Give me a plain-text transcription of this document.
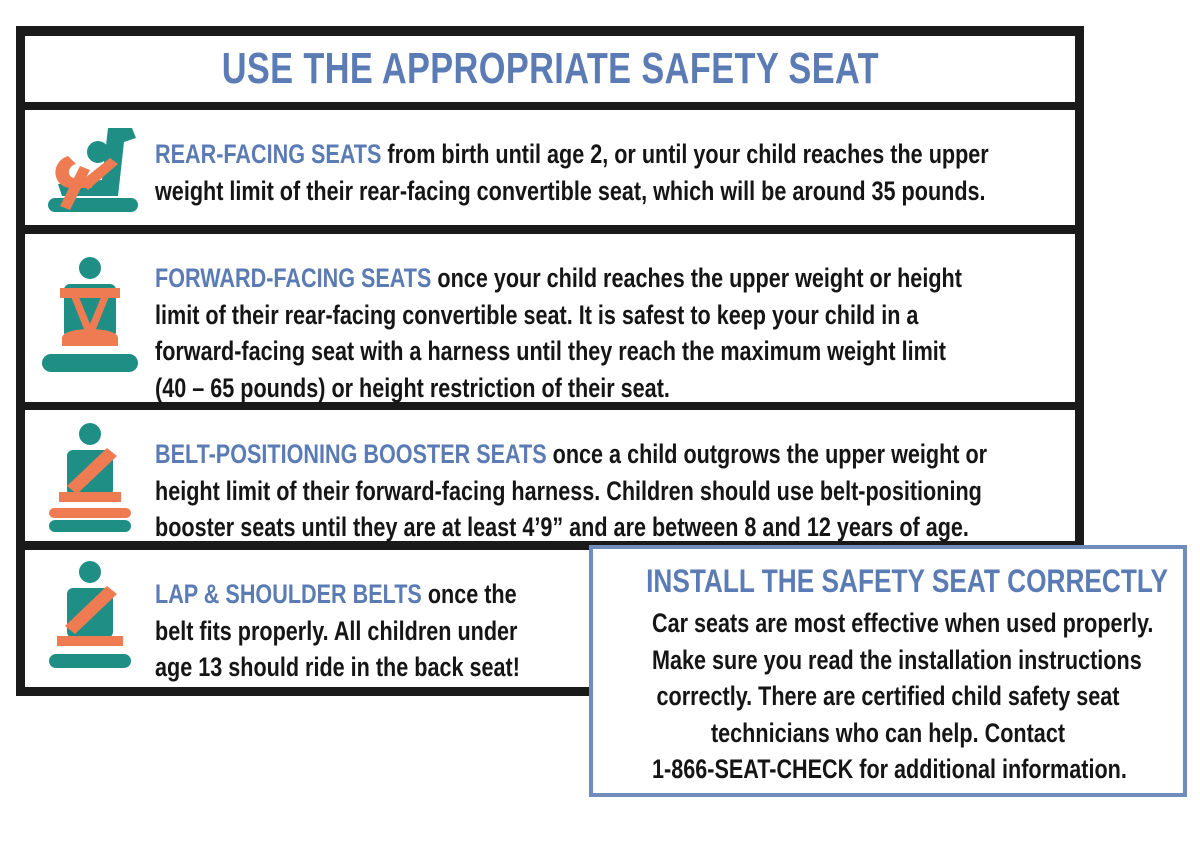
USE THE APPROPRIATE SAFETY SEAT
REAR-FACING SEATS from birth until age 2, or until your child reaches the upper
weight limit of their rear-facing convertible seat, which will be around 35 pounds.
FORWARD-FACING SEATS once your child reaches the upper weight or height
limit of their rear-facing convertible seat. It is safest to keep your child in a
forward-facing seat with a harness until they reach the maximum weight limit
(40 – 65 pounds) or height restriction of their seat.
BELT-POSITIONING BOOSTER SEATS once a child outgrows the upper weight or
height limit of their forward-facing harness. Children should use belt-positioning
booster seats until they are at least 4’9” and are between 8 and 12 years of age.
LAP & SHOULDER BELTS once the
belt fits properly. All children under
age 13 should ride in the back seat!
INSTALL THE SAFETY SEAT CORRECTLY
Car seats are most effective when used properly.
Make sure you read the installation instructions
correctly. There are certified child safety seat
technicians who can help. Contact
1-866-SEAT-CHECK for additional information.
